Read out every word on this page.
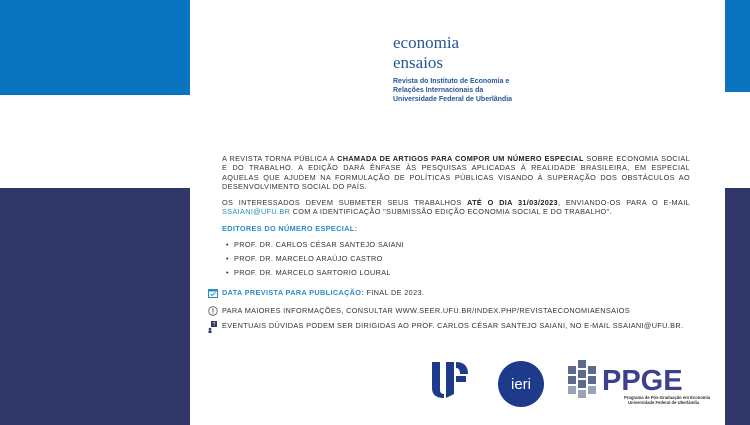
economia
ensaios
Revista do Instituto de Economia e Relações Internacionais da Universidade Federal de Uberlândia

A REVISTA TORNA PÚBLICA A CHAMADA DE ARTIGOS PARA COMPOR UM NÚMERO ESPECIAL SOBRE ECONOMIA SOCIAL E DO TRABALHO. A EDIÇÃO DARÁ ÊNFASE ÀS PESQUISAS APLICADAS À REALIDADE BRASILEIRA, EM ESPECIAL AQUELAS QUE AJUDEM NA FORMULAÇÃO DE POLÍTICAS PÚBLICAS VISANDO À SUPERAÇÃO DOS OBSTÁCULOS AO DESENVOLVIMENTO SOCIAL DO PAÍS.

OS INTERESSADOS DEVEM SUBMETER SEUS TRABALHOS ATÉ O DIA 31/03/2023, ENVIANDO-OS PARA O E-MAIL SSAIANI@UFU.BR COM A IDENTIFICAÇÃO "SUBMISSÃO EDIÇÃO ECONOMIA SOCIAL E DO TRABALHO".

EDITORES DO NÚMERO ESPECIAL:
• PROF. DR. CARLOS CÉSAR SANTEJO SAIANI
• PROF. DR. MARCELO ARAÚJO CASTRO
• PROF. DR. MARCELO SARTORIO LOURAL
DATA PREVISTA PARA PUBLICAÇÃO: FINAL DE 2023.
PARA MAIORES INFORMAÇÕES, CONSULTAR WWW.SEER.UFU.BR/INDEX.PHP/REVISTAECONOMIAENSAIOS
? EVENTUAIS DÚVIDAS PODEM SER DIRIGIDAS AO PROF. CARLOS CÉSAR SANTEJO SAIANI, NO E-MAIL SSAIANI@UFU.BR.
ieri PPGE
Programa de Pós-Graduação em Economia
Universidade Federal de Uberlândia
